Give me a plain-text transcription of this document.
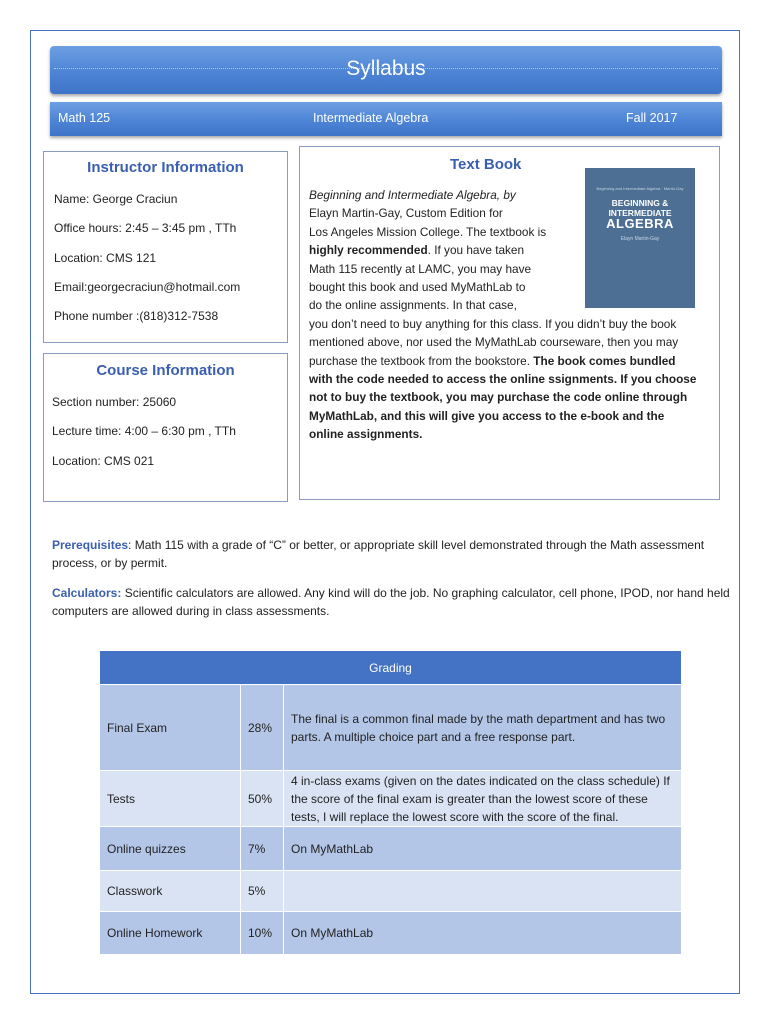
Syllabus
Math 125	Intermediate Algebra	Fall 2017
Instructor Information
Name: George Craciun
Office hours: 2:45 – 3:45 pm , TTh
Location: CMS 121
Email:georgecraciun@hotmail.com
Phone number :(818)312-7538
Course Information
Section number: 25060
Lecture time: 4:00 – 6:30 pm , TTh
Location: CMS 021
Text Book
Beginning and Intermediate Algebra · Martin-Gay
BEGINNING &
INTERMEDIATE
ALGEBRA
Elayn Martin-Gay
Beginning and Intermediate Algebra, by
Elayn Martin-Gay, Custom Edition for
Los Angeles Mission College. The textbook is
highly recommended. If you have taken
Math 115 recently at LAMC, you may have
bought this book and used MyMathLab to
do the online assignments. In that case,
you don’t need to buy anything for this class. If you didn’t buy the book
mentioned above, nor used the MyMathLab courseware, then you may
purchase the textbook from the bookstore. The book comes bundled
with the code needed to access the online ssignments. If you choose
not to buy the textbook, you may purchase the code online through
MyMathLab, and this will give you access to the e-book and the
online assignments.
Prerequisites: Math 115 with a grade of “C” or better, or appropriate skill level demonstrated through the Math assessment process, or by permit.
Calculators: Scientific calculators are allowed. Any kind will do the job. No graphing calculator, cell phone, IPOD, nor hand held computers are allowed during in class assessments.
Grading		
Final Exam	28%	The final is a common final made by the math department and has two parts. A multiple choice part and a free response part.
Tests	50%	4 in-class exams (given on the dates indicated on the class schedule) If the score of the final exam is greater than the lowest score of these tests, I will replace the lowest score with the score of the final.
Online quizzes	7%	On MyMathLab
Classwork	5%	
Online Homework	10%	On MyMathLab
